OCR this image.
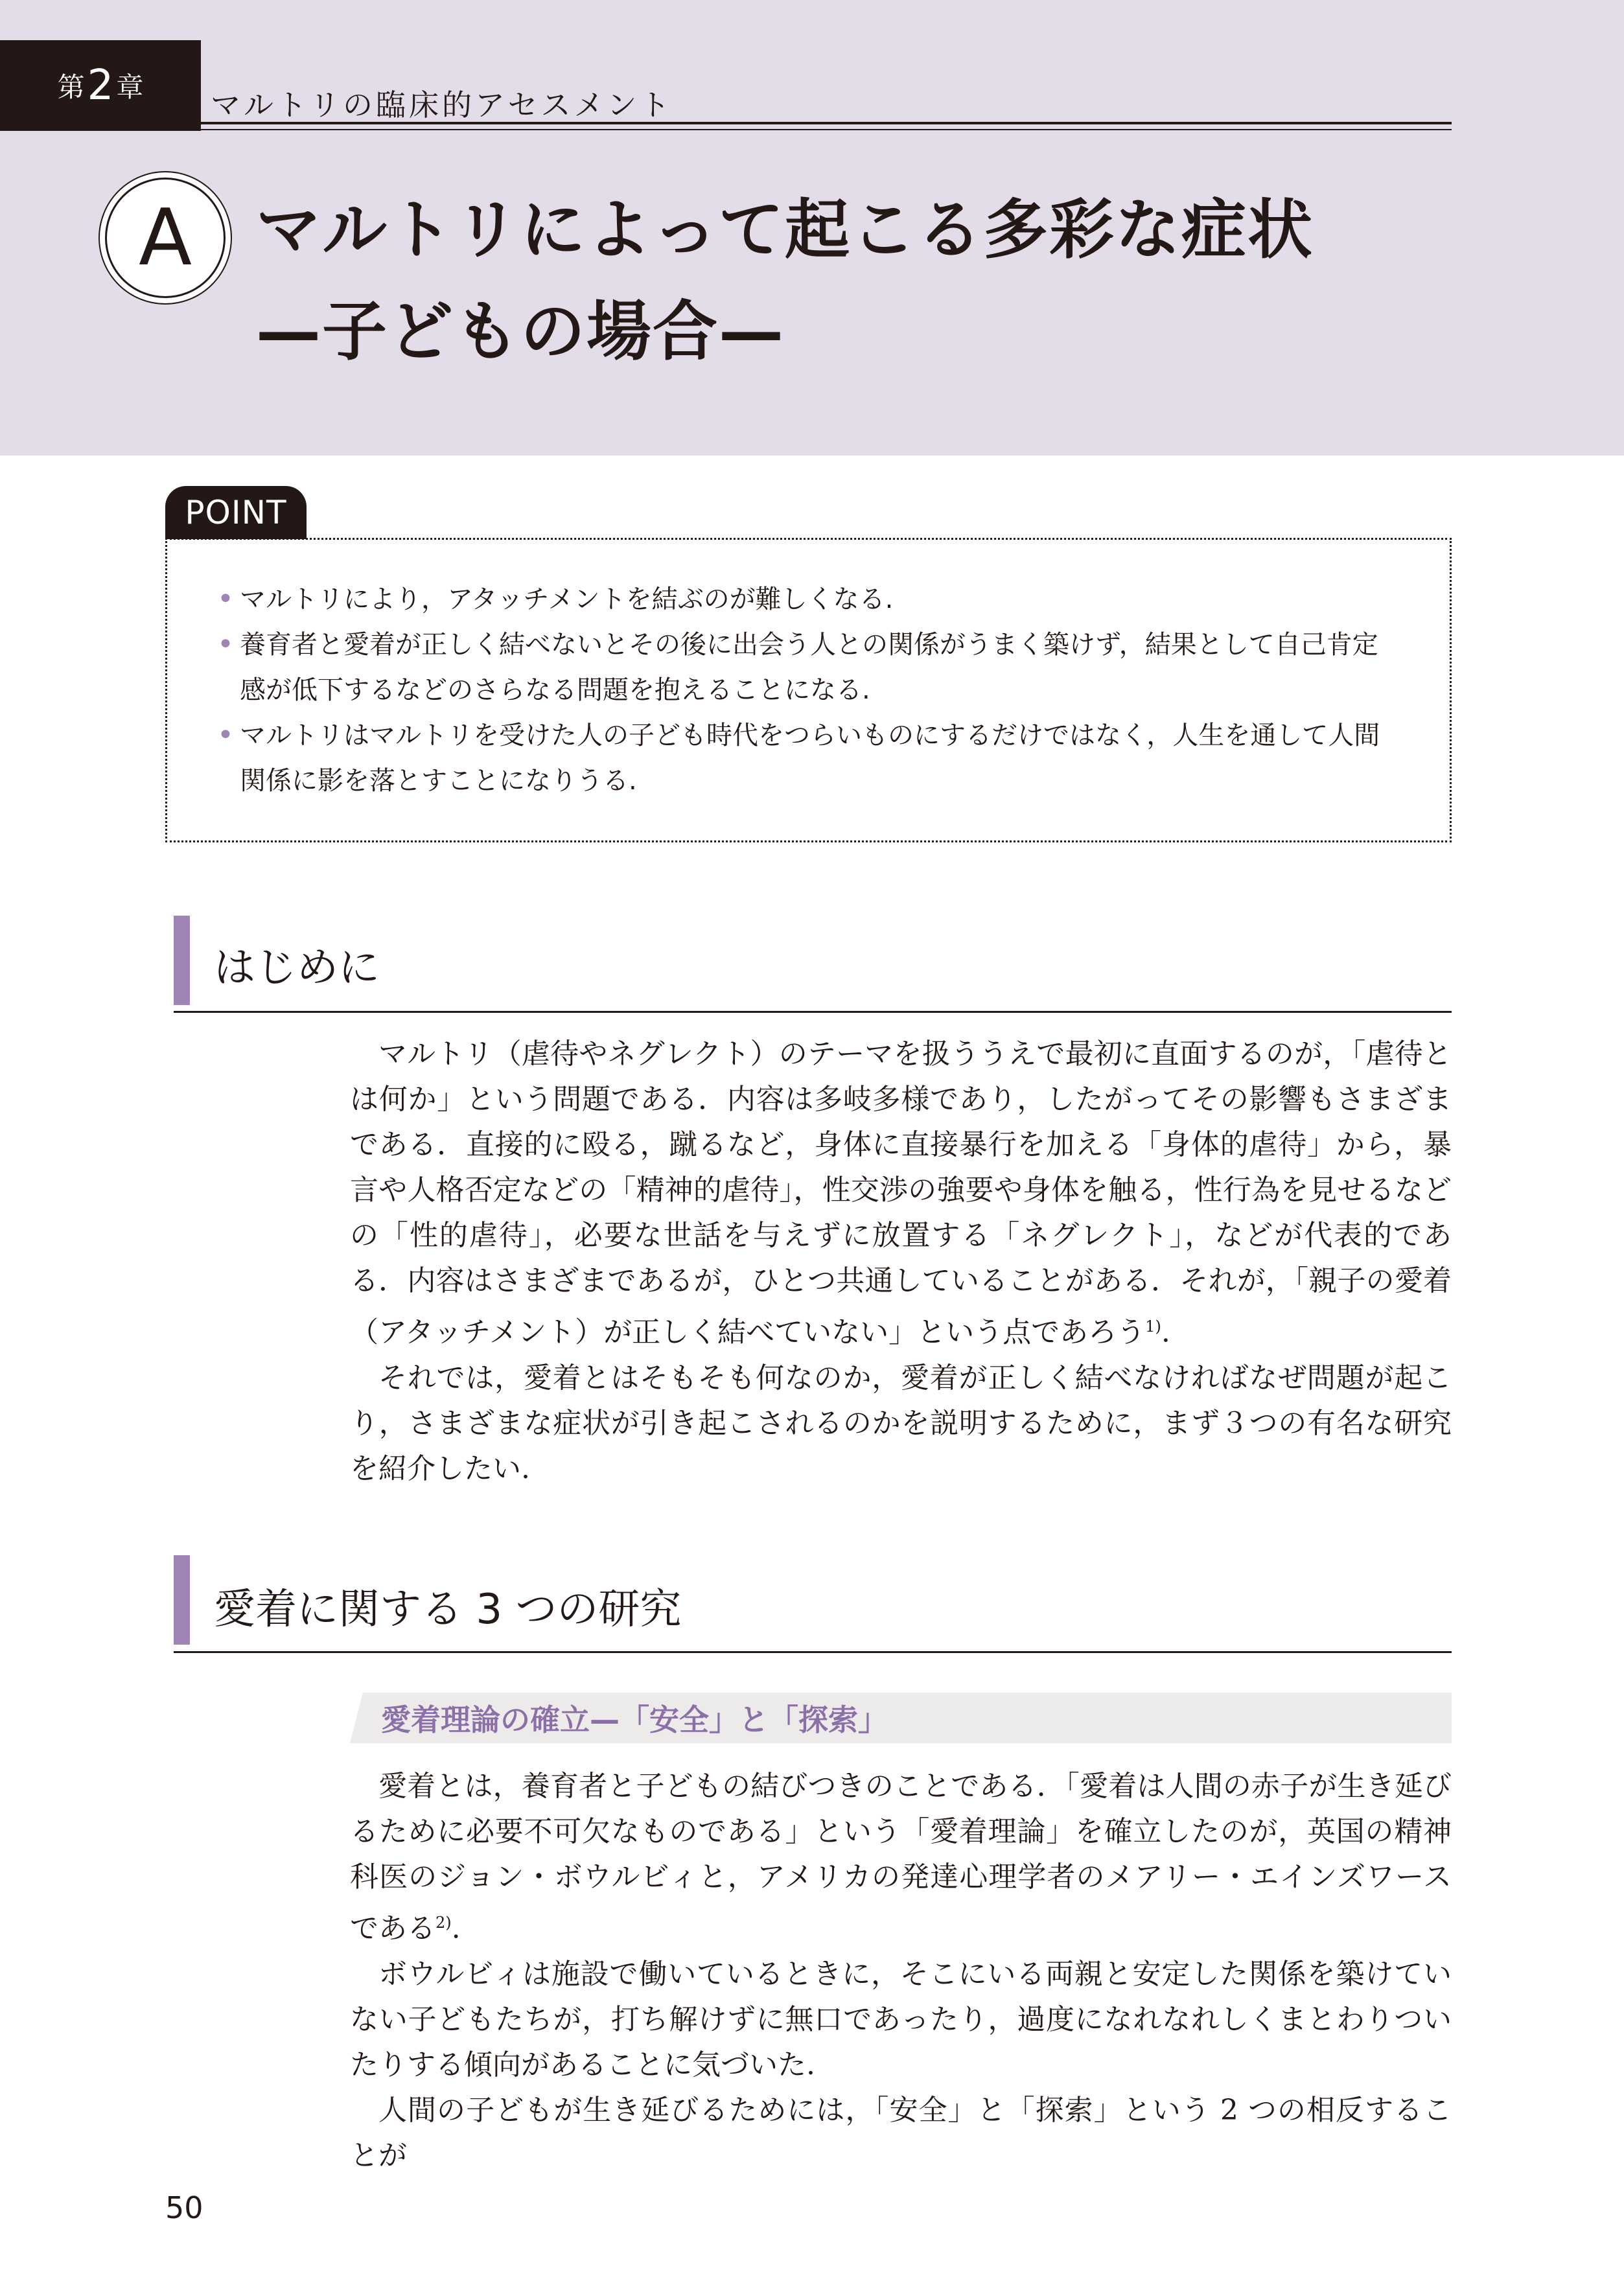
第 2 章
マルトリの臨床的アセスメント
A マルトリによって起こる多彩な症状
—子どもの場合—
POINT
• マルトリにより，アタッチメントを結ぶのが難しくなる.
• 養育者と愛着が正しく結べないとその後に出会う人との関係がうまく築けず，結果として自己肯定
感が低下するなどのさらなる問題を抱えることになる.
• マルトリはマルトリを受けた人の子ども時代をつらいものにするだけではなく，人生を通して人間
関係に影を落とすことになりうる.
はじめに

マルトリ（虐待やネグレクト）のテーマを扱ううえで最初に直面するのが，「虐待とは何か」という問題である．内容は多岐多様であり，したがってその影響もさまざまである．直接的に殴る，蹴るなど，身体に直接暴行を加える「身体的虐待」から，暴言や人格否定などの「精神的虐待」，性交渉の強要や身体を触る，性行為を見せるなどの「性的虐待」，必要な世話を与えずに放置する「ネグレクト」，などが代表的である．内容はさまざまであるが，ひとつ共通していることがある．それが，「親子の愛着（アタッチメント）が正しく結べていない」という点であろう$^{1)}$.

それでは，愛着とはそもそも何なのか，愛着が正しく結べなければなぜ問題が起こり，さまざまな症状が引き起こされるのかを説明するために，まず３つの有名な研究を紹介したい.

愛着に関する 3 つの研究
愛着理論の確立—「安全」と「探索」

愛着とは，養育者と子どもの結びつきのことである．「愛着は人間の赤子が生き延びるために必要不可欠なものである」という「愛着理論」を確立したのが，英国の精神科医のジョン・ボウルビィと，アメリカの発達心理学者のメアリー・エインズワースである$^{2)}$.

ボウルビィは施設で働いているときに，そこにいる両親と安定した関係を築けていない子どもたちが，打ち解けずに無口であったり，過度になれなれしくまとわりついたりする傾向があることに気づいた.

人間の子どもが生き延びるためには，「安全」と「探索」という 2 つの相反することが

50
